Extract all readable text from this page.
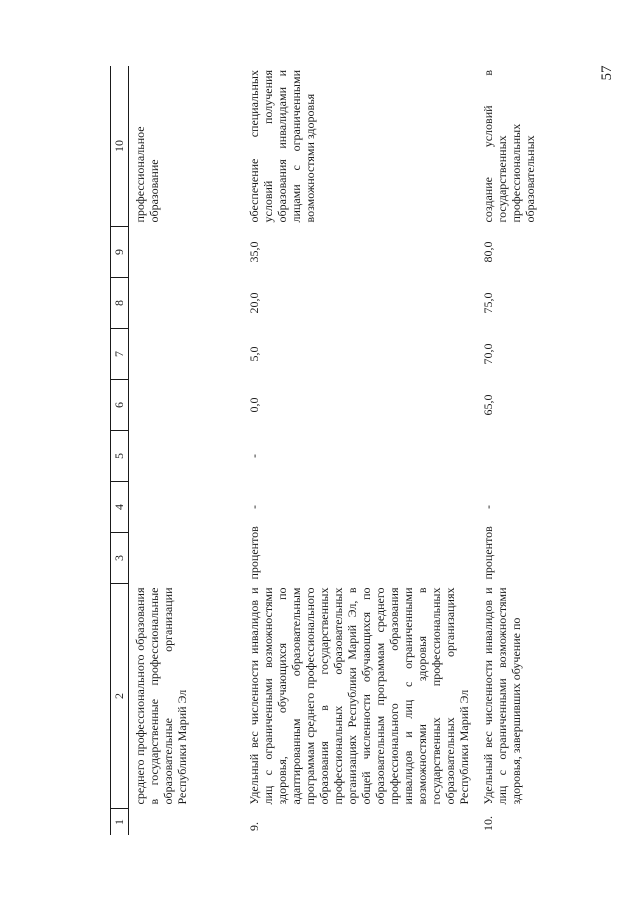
57
1	2	3	4	5	6	7	8	9	10
	среднего профессионального образования в государственные профессиональные образовательные организации Республики Марий Эл								профессиональное образование
9.	Удельный вес численности инвалидов и лиц с ограниченными возможностями здоровья, обучающихся по адаптированным образовательным программам среднего профессионального образования в государственных профессиональных образовательных организациях Республики Марий Эл, в общей численности обучающихся по образовательным программам среднего профессионального образования инвалидов и лиц с ограниченными возможностями здоровья в государственных профессиональных образовательных организациях Республики Марий Эл	процентов	-	-	0,0	5,0	20,0	35,0	обеспечение специальных условий получения образования инвалидами и лицами с ограниченными возможностями здоровья
10.	Удельный вес численности инвалидов и лиц с ограниченными возможностями здоровья, завершивших обучение по	процентов	-		65,0	70,0	75,0	80,0	создание условий в государственных профессиональных образовательных
